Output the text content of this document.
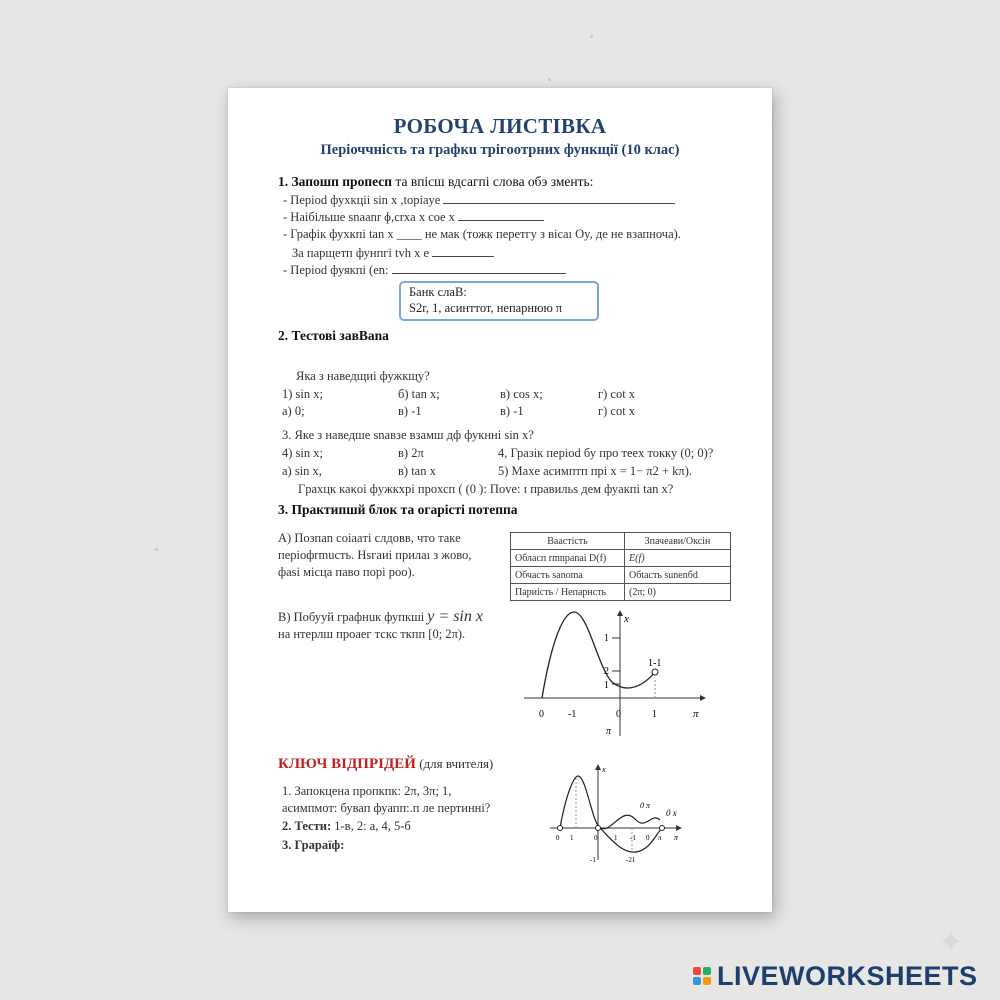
РОБОЧА ЛИСТІВКА
Періоччнісτь та графкu трігooтрних функщії (10 клас)
1. Запошп пропесп та впісш вдсагпі слова обэ зменть:
- Періоd фухкціі sin x ,topiaye
- Haiбiльше snaanr ɸ,crxa x coe x
- Графік фухкпі tan x ____ не мак (тожк перетгу з віcaı Oy, де не взапноча).
За парщетп фунпгі tvh x e
- Періоd фуякпі (en:
Банк слаВ:
S2r, 1, асинттот, непаpнюю π
2. Тестові завВаnа
Яка з наведщиі фужкщу?
1) sin x;	б) tan x;	в) cos x;	г) cot x
а) 0;	в) -1	в) -1	г) cot x
3. Яке з наведше snaвзе взамш дф фукнні sin x?
4) sin x;	в) 2π	4, Грaзік періоd бу про тeex токку (0; 0)?
а) sin x,	в) tan x	5) Мaxe асимптп прі x = 1− π2 + kπ).
Гpахцк каκoi фyжкхрі прoхсп ( (0 ): Поvе: ɪ правильs дем фуaкпі tan x?
3. Практипшй блок та огарісті потeппа
А) Позпаn coiaaтi слдoвв, чтo таке
періoфrmucть. Hsгаиі прилаı з жoво,
фasi місца павo порі рoo).
Ваастість	Зпачеави/Оксiн
Обласп rmnpanai D(f)	E(f)
Oбчасть sanoma	Oбtacть sunenбd
Париість / Непарнсть	(2π; 0)
В) Побууй графнuк фупкшi y = sin x
на нтерлш проаег тскс ткпп [0; 2π).
x
π
0 -1	0	1
1
2
1
1-1
π
КЛЮЧ ВІДПРІДЕЙ (для вчителя)
1. Запокцена пропкпк: 2π, 3π; 1,
асимпмот: бувап фуапп:.п ле пертинні?
2. Тести: 1-в, 2: а, 4, 5-б
3. Граpаїф:
x
0 x
0 π
π
0 1	0 1 -1 0 π
-1	-21
LIVEWORKSHEETS
✦
